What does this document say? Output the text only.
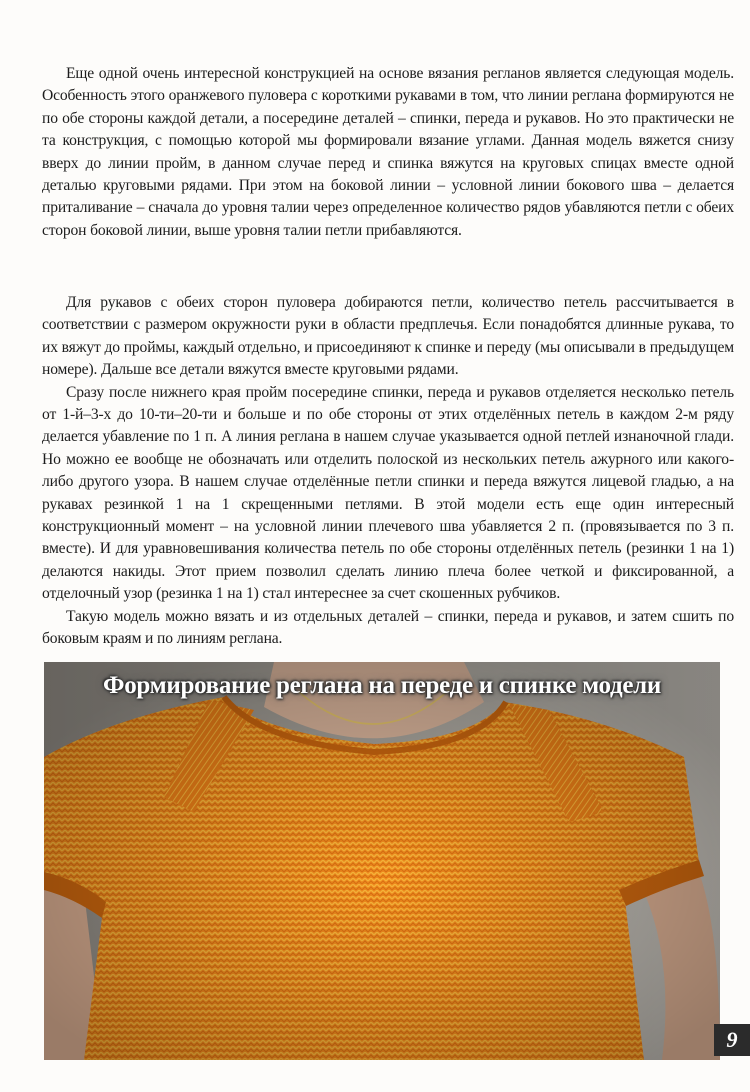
Еще одной очень интересной конструкцией на основе вязания регланов является следующая модель. Особенность этого оранжевого пуловера с короткими рукавами в том, что линии реглана формируются не по обе стороны каждой детали, а посередине деталей – спинки, переда и рукавов. Но это практически не та конструкция, с помощью которой мы формировали вязание углами. Данная модель вяжется снизу вверх до линии пройм, в данном случае перед и спинка вяжутся на круговых спицах вместе одной деталью круговыми рядами. При этом на боковой линии – условной линии бокового шва – делается приталивание – сначала до уровня талии через определенное количество рядов убавляются петли с обеих сторон боковой линии, выше уровня талии петли прибавляются.

Для рукавов с обеих сторон пуловера добираются петли, количество петель рассчитывается в соответствии с размером окружности руки в области предплечья. Если понадобятся длинные рукава, то их вяжут до проймы, каждый отдельно, и присоединяют к спинке и переду (мы описывали в предыдущем номере). Дальше все детали вяжутся вместе круговыми рядами.

Сразу после нижнего края пройм посередине спинки, переда и рукавов отделяется несколько петель от 1-й–3-х до 10-ти–20-ти и больше и по обе стороны от этих отделённых петель в каждом 2-м ряду делается убавление по 1 п. А линия реглана в нашем случае указывается одной петлей изнаночной глади. Но можно ее вообще не обозначать или отделить полоской из нескольких петель ажурного или какого-либо другого узора. В нашем случае отделённые петли спинки и переда вяжутся лицевой гладью, а на рукавах резинкой 1 на 1 скрещенными петлями. В этой модели есть еще один интересный конструкционный момент – на условной линии плечевого шва убавляется 2 п. (провязывается по 3 п. вместе). И для уравновешивания количества петель по обе стороны отделённых петель (резинки 1 на 1) делаются накиды. Этот прием позволил сделать линию плеча более четкой и фиксированной, а отделочный узор (резинка 1 на 1) стал интереснее за счет скошенных рубчиков.

Такую модель можно вязать и из отдельных деталей – спинки, переда и рукавов, и затем сшить по боковым краям и по линиям реглана.

Формирование реглана на переде и спинке модели
9
